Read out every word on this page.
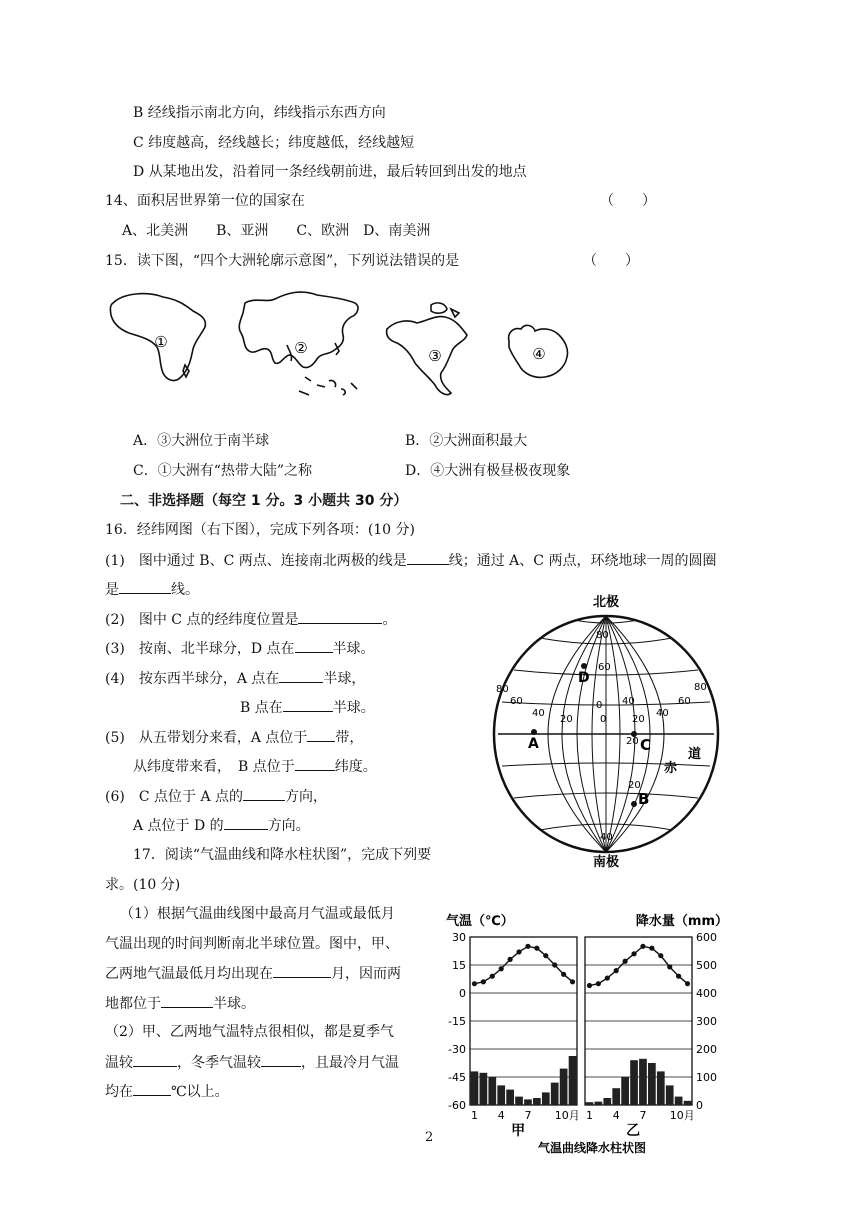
B 经线指示南北方向，纬线指示东西方向
C 纬度越高，经线越长；纬度越低，经线越短
D 从某地出发，沿着同一条经线朝前进，最后转回到出发的地点
14、面积居世界第一位的国家在	（　　）
A、北美洲　　B、亚洲　　C、欧洲　D、南美洲
15．读下图，“四个大洲轮廓示意图”，下列说法错误的是	（　　）
①	②	③	④
A．③大洲位于南半球	B．②大洲面积最大
C．①大洲有“热带大陆”之称	D．④大洲有极昼极夜现象
二、非选择题（每空 1 分。3 小题共 30 分）
16．经纬网图（右下图），完成下列各项：(10 分)
(1)　图中通过 B、C 两点、连接南北两极的线是	线；通过 A、C 两点，环绕地球一周的圆圈
是	线。
(2)　图中 C 点的经纬度位置是	。
(3)　按南、北半球分，D 点在	半球。
(4)　按东西半球分，A 点在	半球，
B 点在	半球。
(5)　从五带划分来看，A 点位于 带，
从纬度带来看，　B 点位于	纬度。
(6)　C 点位于 A 点的	方向，
A 点位于 D 的	方向。
北极
南极
A
B
C
D
赤
道
80
60
40
20
0
20
40
80
60
40
20
0
20
40
60
80
17．阅读“气温曲线和降水柱状图”，完成下列要
求。(10 分)
（1）根据气温曲线图中最高月气温或最低月
气温出现的时间判断南北半球位置。图中，甲、
乙两地气温最低月均出现在	月，因而两
地都位于	半球。
（2）甲、乙两地气温特点很相似，都是夏季气
温较	，冬季气温较	，且最冷月气温
均在	℃以上。
气温（℃）	降水量（mm）
气温曲线降水柱状图
30
15
0
-15
-30
-45
-60
600
500
400
300
200
100
0
1 4 7 10月
甲
1 4 7 10月
乙
2
